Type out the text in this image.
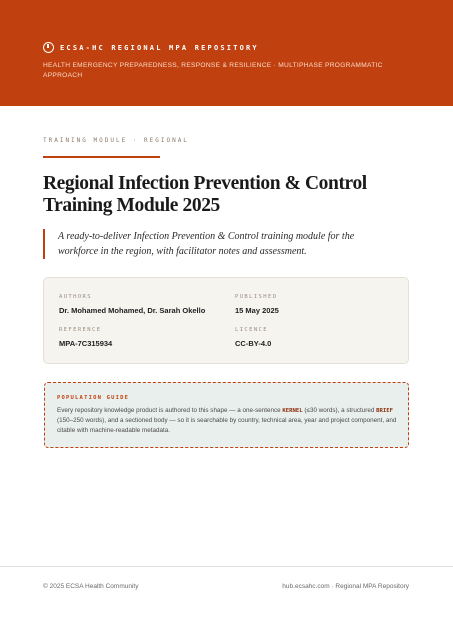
ECSA-HC REGIONAL MPA REPOSITORY
HEALTH EMERGENCY PREPAREDNESS, RESPONSE & RESILIENCE · MULTIPHASE PROGRAMMATIC APPROACH
TRAINING MODULE · REGIONAL
Regional Infection Prevention & Control Training Module 2025

A ready-to-deliver Infection Prevention & Control training module for the workforce in the region, with facilitator notes and assessment.

AUTHORS
Dr. Mohamed Mohamed, Dr. Sarah Okello
PUBLISHED
15 May 2025
REFERENCE
MPA-7C315934
LICENCE
CC-BY-4.0
POPULATION GUIDE

Every repository knowledge product is authored to this shape — a one-sentence KERNEL (≤30 words), a structured BRIEF (150–250 words), and a sectioned body — so it is searchable by country, technical area, year and project component, and citable with machine-readable metadata.

© 2025 ECSA Health Community	hub.ecsahc.com · Regional MPA Repository
